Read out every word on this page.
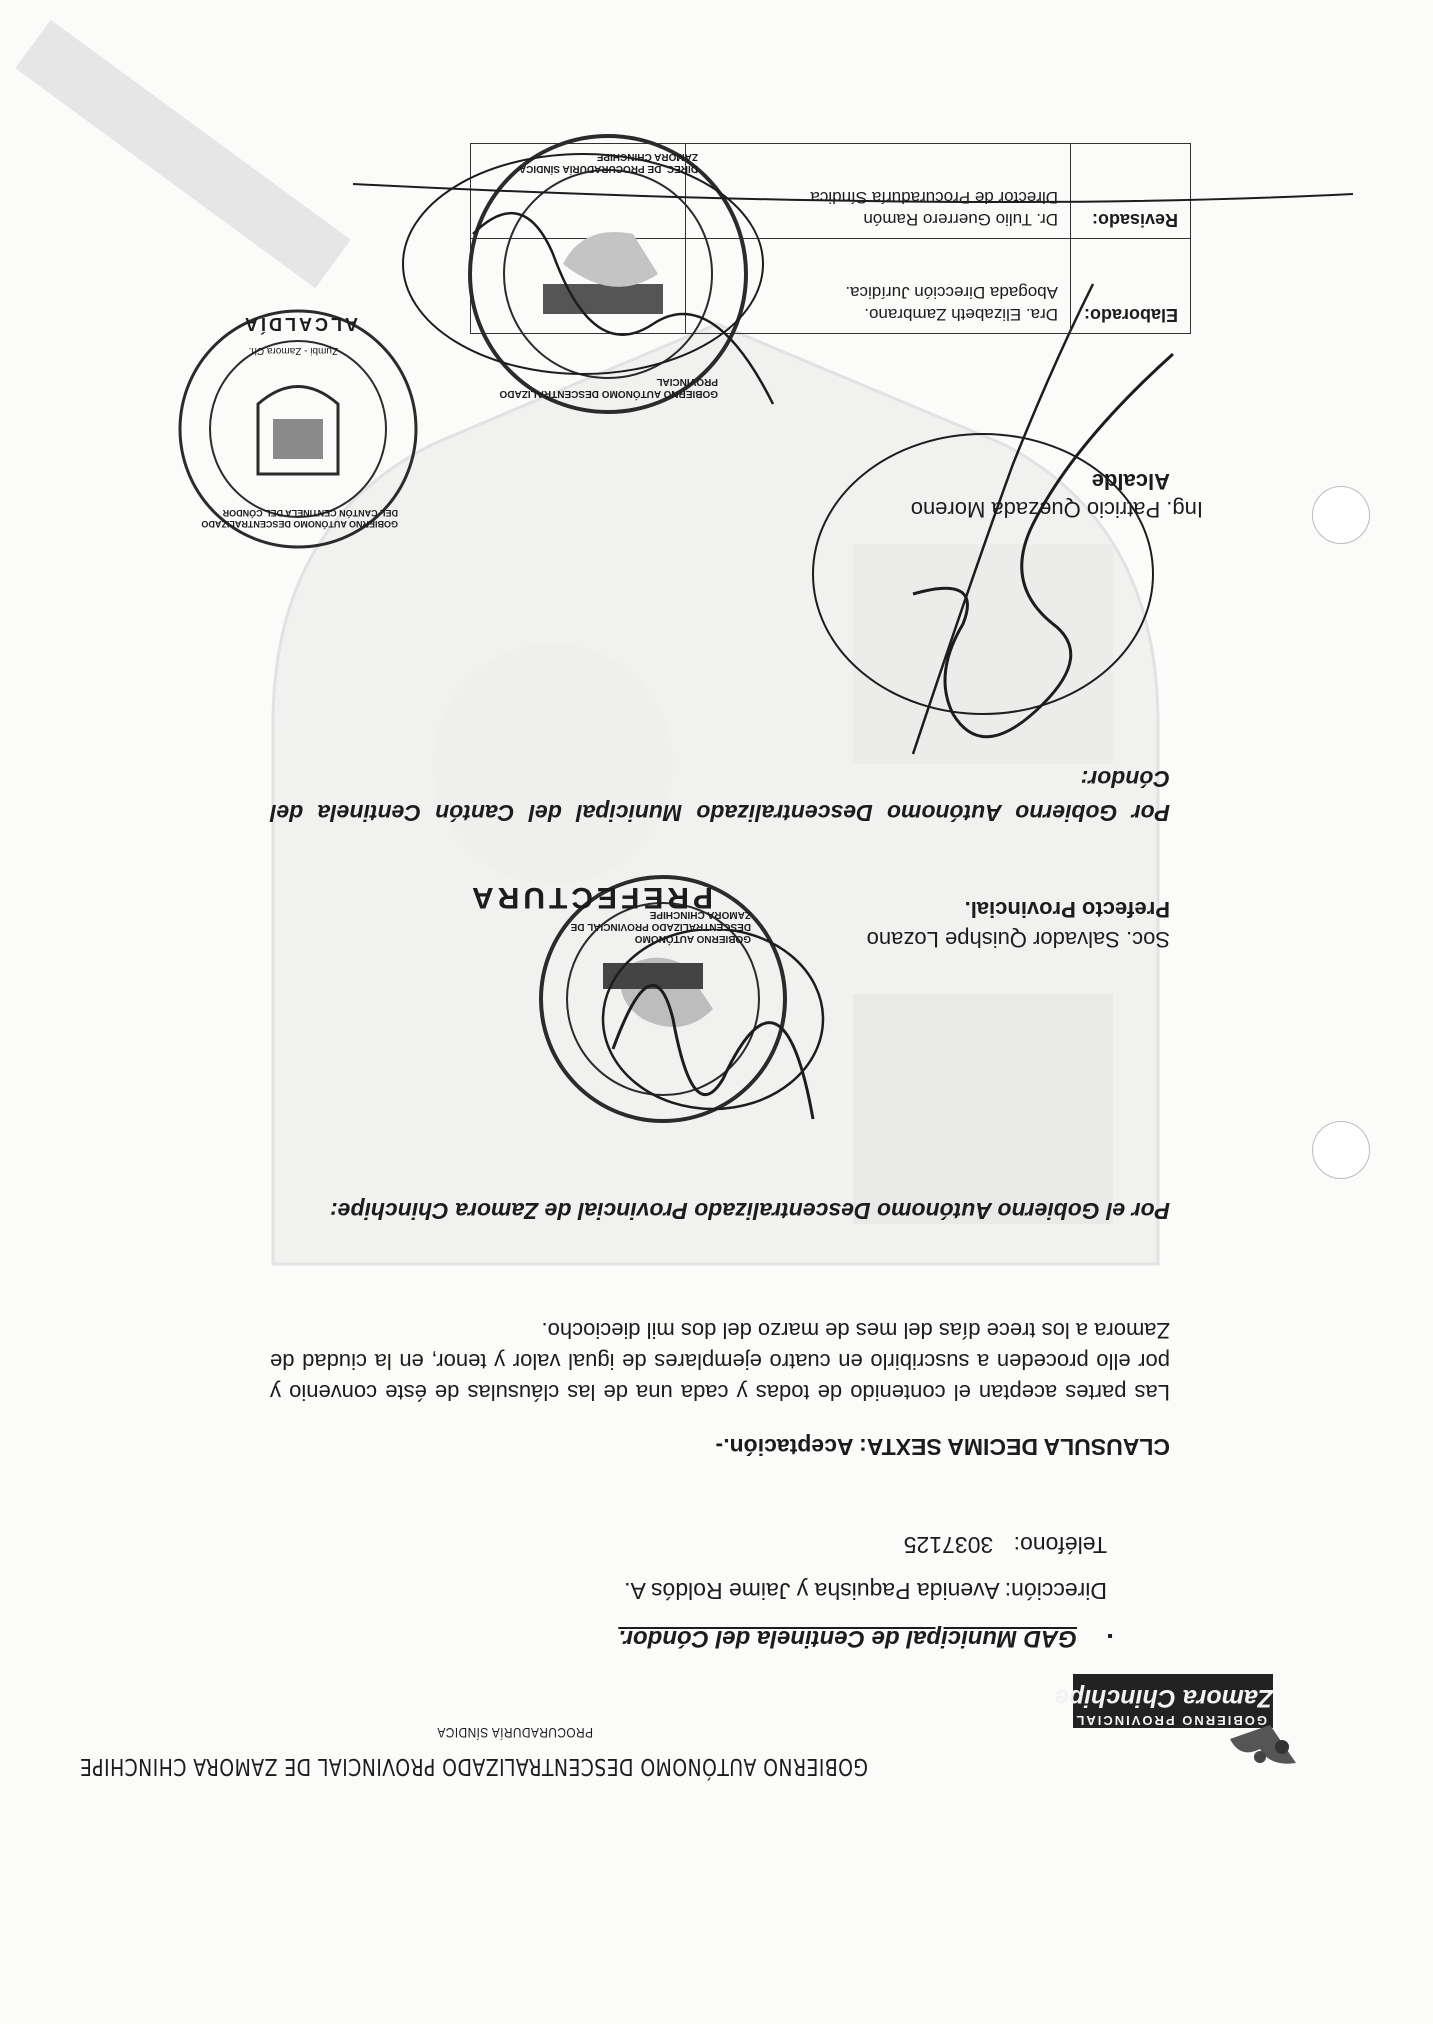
GOBIERNO PROVINCIAL
Zamora Chinchipe
GOBIERNO AUTÓNOMO DESCENTRALIZADO PROVINCIAL DE ZAMORA CHINCHIPE
PROCURADURÍA SÍNDICA
▪
GAD Municipal de Centinela del Cóndor.
Dirección: Avenida Paquisha y Jaime Roldós A.
Teléfono: 3037125
CLAUSULA DECIMA SEXTA: Aceptación.-
Las partes aceptan el contenido de todas y cada una de las cláusulas de éste convenio y por ello proceden a suscribirlo en cuatro ejemplares de igual valor y tenor, en la ciudad de Zamora a los trece días del mes de marzo del dos mil dieciocho.
Por el Gobierno Autónomo Descentralizado Provincial de Zamora Chinchipe:
PREFECTURA
GOBIERNO AUTÓNOMO DESCENTRALIZADO PROVINCIAL DE ZAMORA CHINCHIPE
Soc. Salvador Quishpe Lozano
Prefecto Provincial.
Por Gobierno Autónomo Descentralizado Municipal del Cantón Centinela del Cóndor:
ALCALDÍA
GOBIERNO AUTÓNOMO DESCENTRALIZADO DEL CANTÓN CENTINELA DEL CÓNDOR
Zumbi - Zamora Ch.
Ing. Patricio Quezada Moreno
Alcalde
Elaborado:	Dra. Elizabeth Zambrano.
Abogada Dirección Jurídica.	

Revisado:	Dr. Tulio Guerrero Ramón
Director de Procuraduría Síndica	

GOBIERNO AUTÓNOMO DESCENTRALIZADO PROVINCIAL
DIREC. DE PROCURADURÍA SÍNDICA ZAMORA CHINCHIPE
